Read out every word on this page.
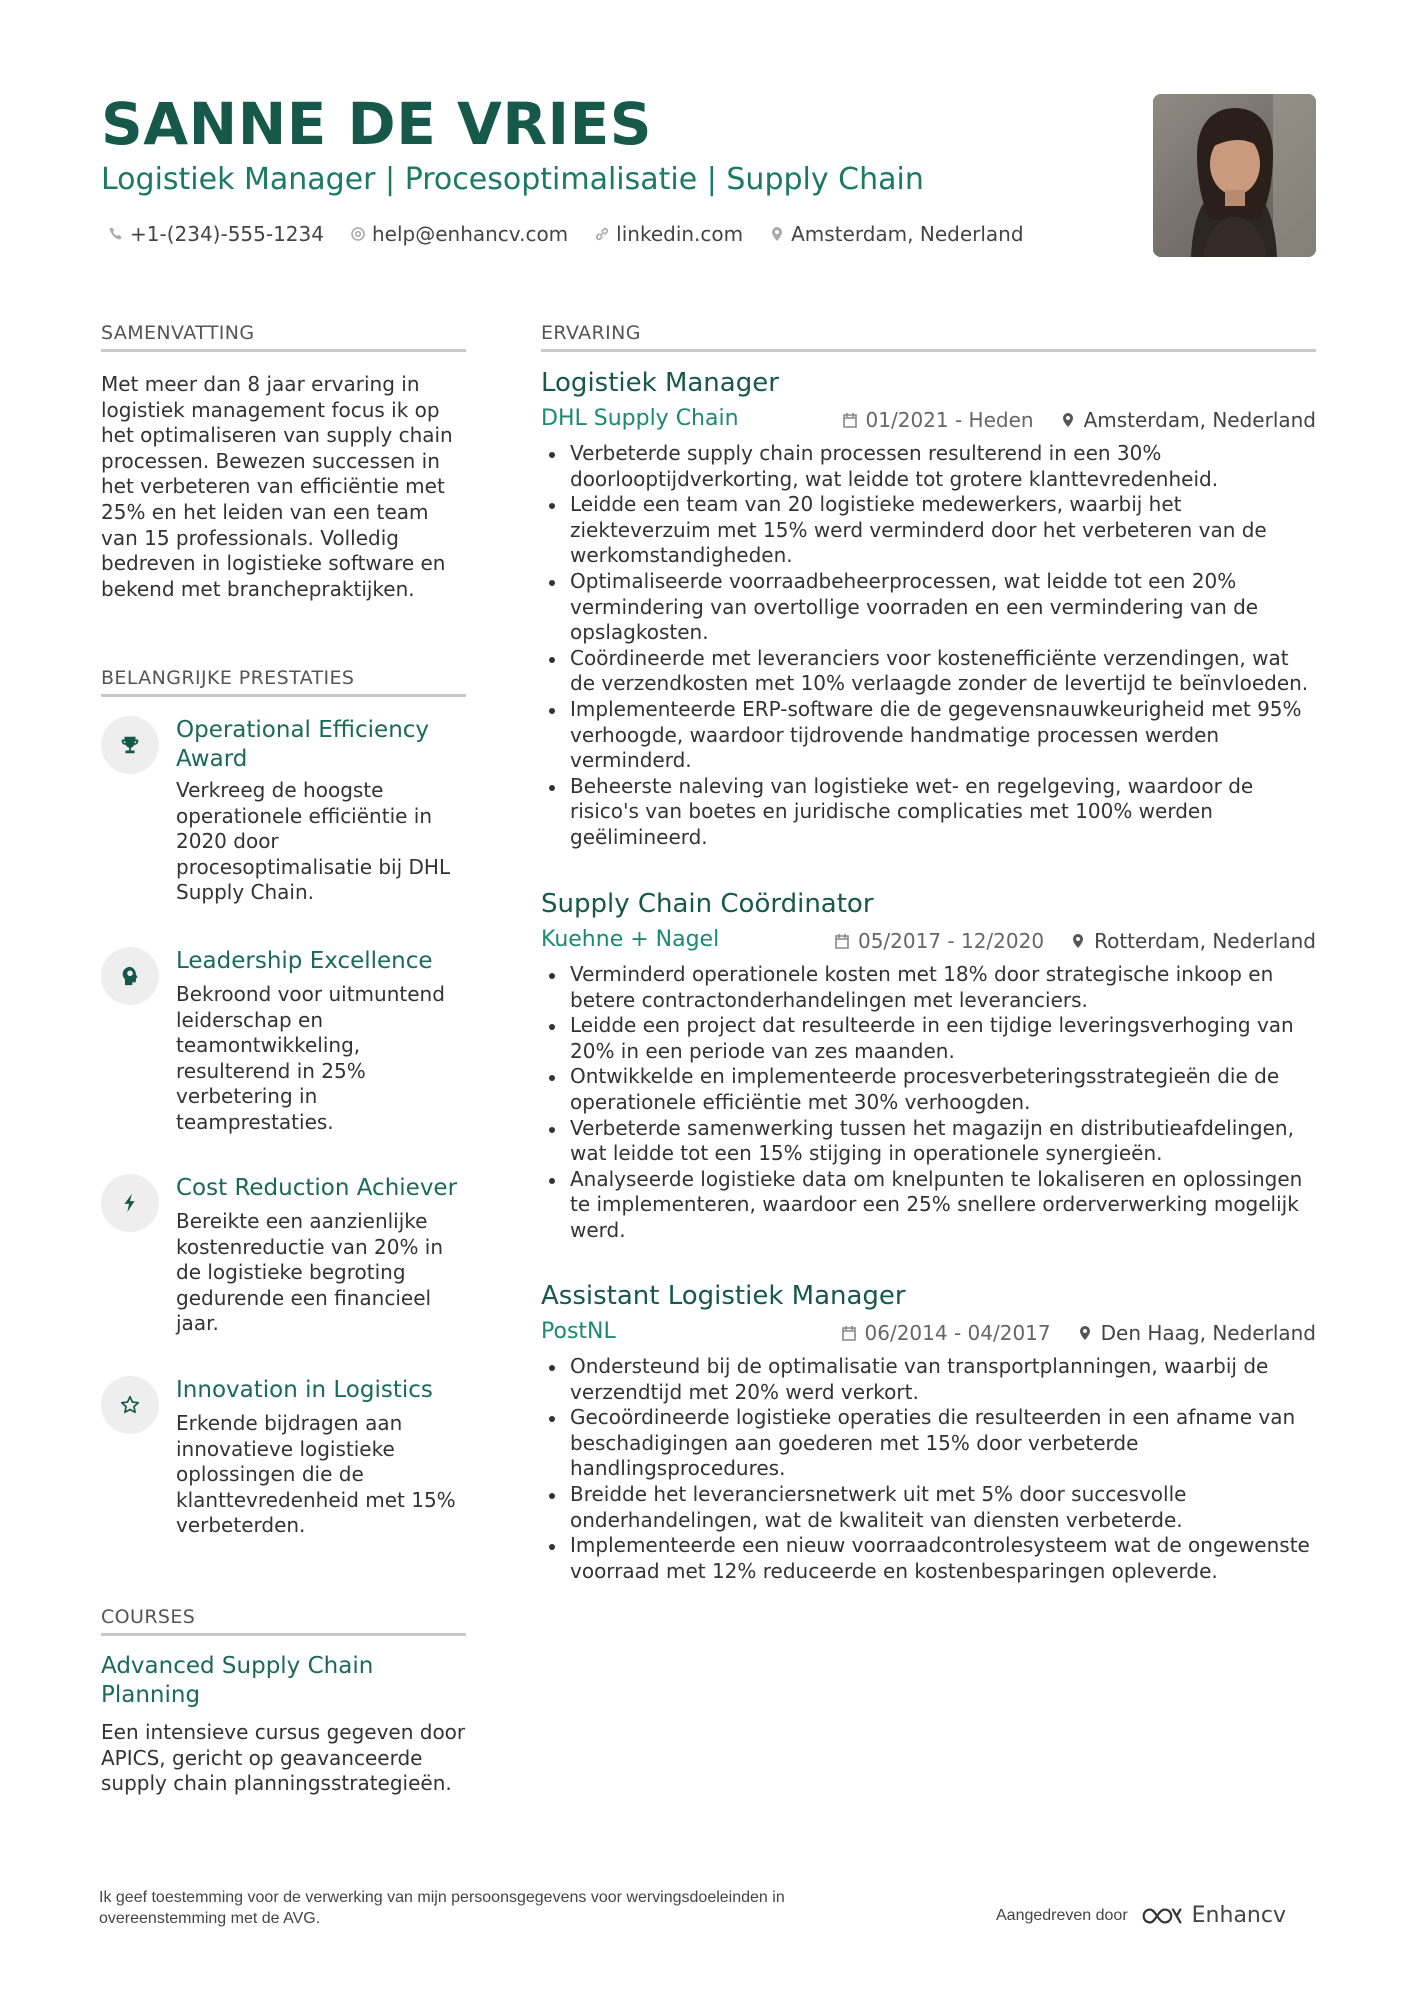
SANNE DE VRIES
Logistiek Manager | Procesoptimalisatie | Supply Chain
+1-(234)-555-1234 help@enhancv.com linkedin.com Amsterdam, Nederland
SAMENVATTING
Met meer dan 8 jaar ervaring in logistiek management focus ik op het optimaliseren van supply chain processen. Bewezen successen in het verbeteren van efficiëntie met 25% en het leiden van een team van 15 professionals. Volledig bedreven in logistieke software en bekend met branchepraktijken.
BELANGRIJKE PRESTATIES
Operational Efficiency Award
Verkreeg de hoogste operationele efficiëntie in 2020 door procesoptimalisatie bij DHL Supply Chain.
Leadership Excellence
Bekroond voor uitmuntend leiderschap en teamontwikkeling, resulterend in 25% verbetering in teamprestaties.
Cost Reduction Achiever
Bereikte een aanzienlijke kostenreductie van 20% in de logistieke begroting gedurende een financieel jaar.
Innovation in Logistics
Erkende bijdragen aan innovatieve logistieke oplossingen die de klanttevredenheid met 15% verbeterden.
COURSES
Advanced Supply Chain Planning
Een intensieve cursus gegeven door APICS, gericht op geavanceerde supply chain planningsstrategieën.
ERVARING
Logistiek Manager
DHL Supply Chain	01/2021 - Heden	Amsterdam, Nederland
Verbeterde supply chain processen resulterend in een 30% doorlooptijdverkorting, wat leidde tot grotere klanttevredenheid.
Leidde een team van 20 logistieke medewerkers, waarbij het ziekteverzuim met 15% werd verminderd door het verbeteren van de werkomstandigheden.
Optimaliseerde voorraadbeheerprocessen, wat leidde tot een 20% vermindering van overtollige voorraden en een vermindering van de opslagkosten.
Coördineerde met leveranciers voor kostenefficiënte verzendingen, wat de verzendkosten met 10% verlaagde zonder de levertijd te beïnvloeden.
Implementeerde ERP-software die de gegevensnauwkeurigheid met 95% verhoogde, waardoor tijdrovende handmatige processen werden verminderd.
Beheerste naleving van logistieke wet- en regelgeving, waardoor de risico's van boetes en juridische complicaties met 100% werden geëlimineerd.
Supply Chain Coördinator
Kuehne + Nagel	05/2017 - 12/2020	Rotterdam, Nederland
Verminderd operationele kosten met 18% door strategische inkoop en betere contractonderhandelingen met leveranciers.
Leidde een project dat resulteerde in een tijdige leveringsverhoging van 20% in een periode van zes maanden.
Ontwikkelde en implementeerde procesverbeteringsstrategieën die de operationele efficiëntie met 30% verhoogden.
Verbeterde samenwerking tussen het magazijn en distributieafdelingen, wat leidde tot een 15% stijging in operationele synergieën.
Analyseerde logistieke data om knelpunten te lokaliseren en oplossingen te implementeren, waardoor een 25% snellere orderverwerking mogelijk werd.
Assistant Logistiek Manager
PostNL	06/2014 - 04/2017	Den Haag, Nederland
Ondersteund bij de optimalisatie van transportplanningen, waarbij de verzendtijd met 20% werd verkort.
Gecoördineerde logistieke operaties die resulteerden in een afname van beschadigingen aan goederen met 15% door verbeterde handlingsprocedures.
Breidde het leveranciersnetwerk uit met 5% door succesvolle onderhandelingen, wat de kwaliteit van diensten verbeterde.
Implementeerde een nieuw voorraadcontrolesysteem wat de ongewenste voorraad met 12% reduceerde en kostenbesparingen opleverde.
Ik geef toestemming voor de verwerking van mijn persoonsgegevens voor wervingsdoeleinden in overeenstemming met de AVG.	Aangedreven door	Enhancv
